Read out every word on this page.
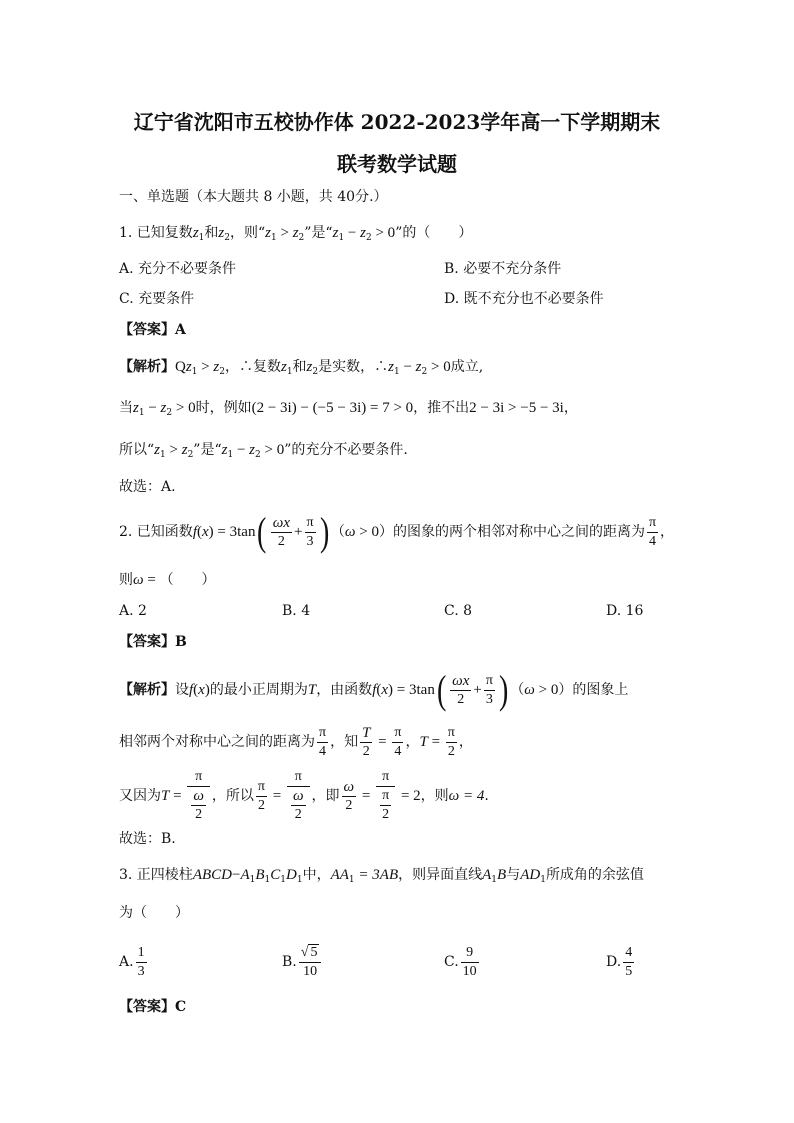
辽宁省沈阳市五校协作体 2022-2023学年高一下学期期末
联考数学试题
一、单选题（本大题共 8 小题，共 40分.）
1. 已知复数$z_1$和$z_2$，则“$z_1 > z_2$”是“$z_1 - z_2 > 0$”的（　　）
A. 充分不必要条件	B. 必要不充分条件
C. 充要条件	D. 既不充分也不必要条件
【答案】A
【解析】$Qz_1 > z_2$，∴复数$z_1$和$z_2$是实数，$\therefore z_1 - z_2 > 0$成立,
当$z_1 - z_2 > 0$时，例如(2 − 3i) − (−5 − 3i) = 7 > 0，推不出2 − 3i > −5 − 3i，
所以“$z_1 > z_2$”是“$z_1 - z_2 > 0$”的充分不必要条件.
故选：A.
2. 已知函数$f(x) = 3\tan( \frac{\omega x}{2} + \frac{\pi}{3}$ ) （ω > 0）的图象的两个相邻对称中心之间的距离为 $\frac{\pi}{4}$ ，
则ω = （　　）
A. 2	B. 4	C. 8	D. 16
【答案】B
【解析】设f(x)的最小正周期为T，由函数$f(x) = 3\tan( \frac{\omega x}{2} + \frac{\pi}{3}$ ) （ω > 0）的图象上
相邻两个对称中心之间的距离为 $\frac{\pi}{4}$ ，知 $\frac{T}{2} = \frac{\pi}{4}$ ，$T = \frac{\pi}{2}$ ，
又因为$T = \frac{\pi}{\frac{\omega}{2}}$ ，所以 $\frac{\pi}{2} = \frac{\pi}{\frac{\omega}{2}}$ ，即 $\frac{\omega}{2} = \frac{\pi}{\frac{\pi}{2}} = 2$，则ω = 4.
故选：B.
3. 正四棱柱$ABCD-A_1B_1C_1D_1$中，$AA_1 = 3AB$，则异面直线$A_1B$与$AD_1$所成角的余弦值
为（　　）
A. $\frac{1}{3}$	B. $\frac{√ 5}{10}$	C. $\frac{9}{10}$	D. $\frac{4}{5}$
【答案】C
